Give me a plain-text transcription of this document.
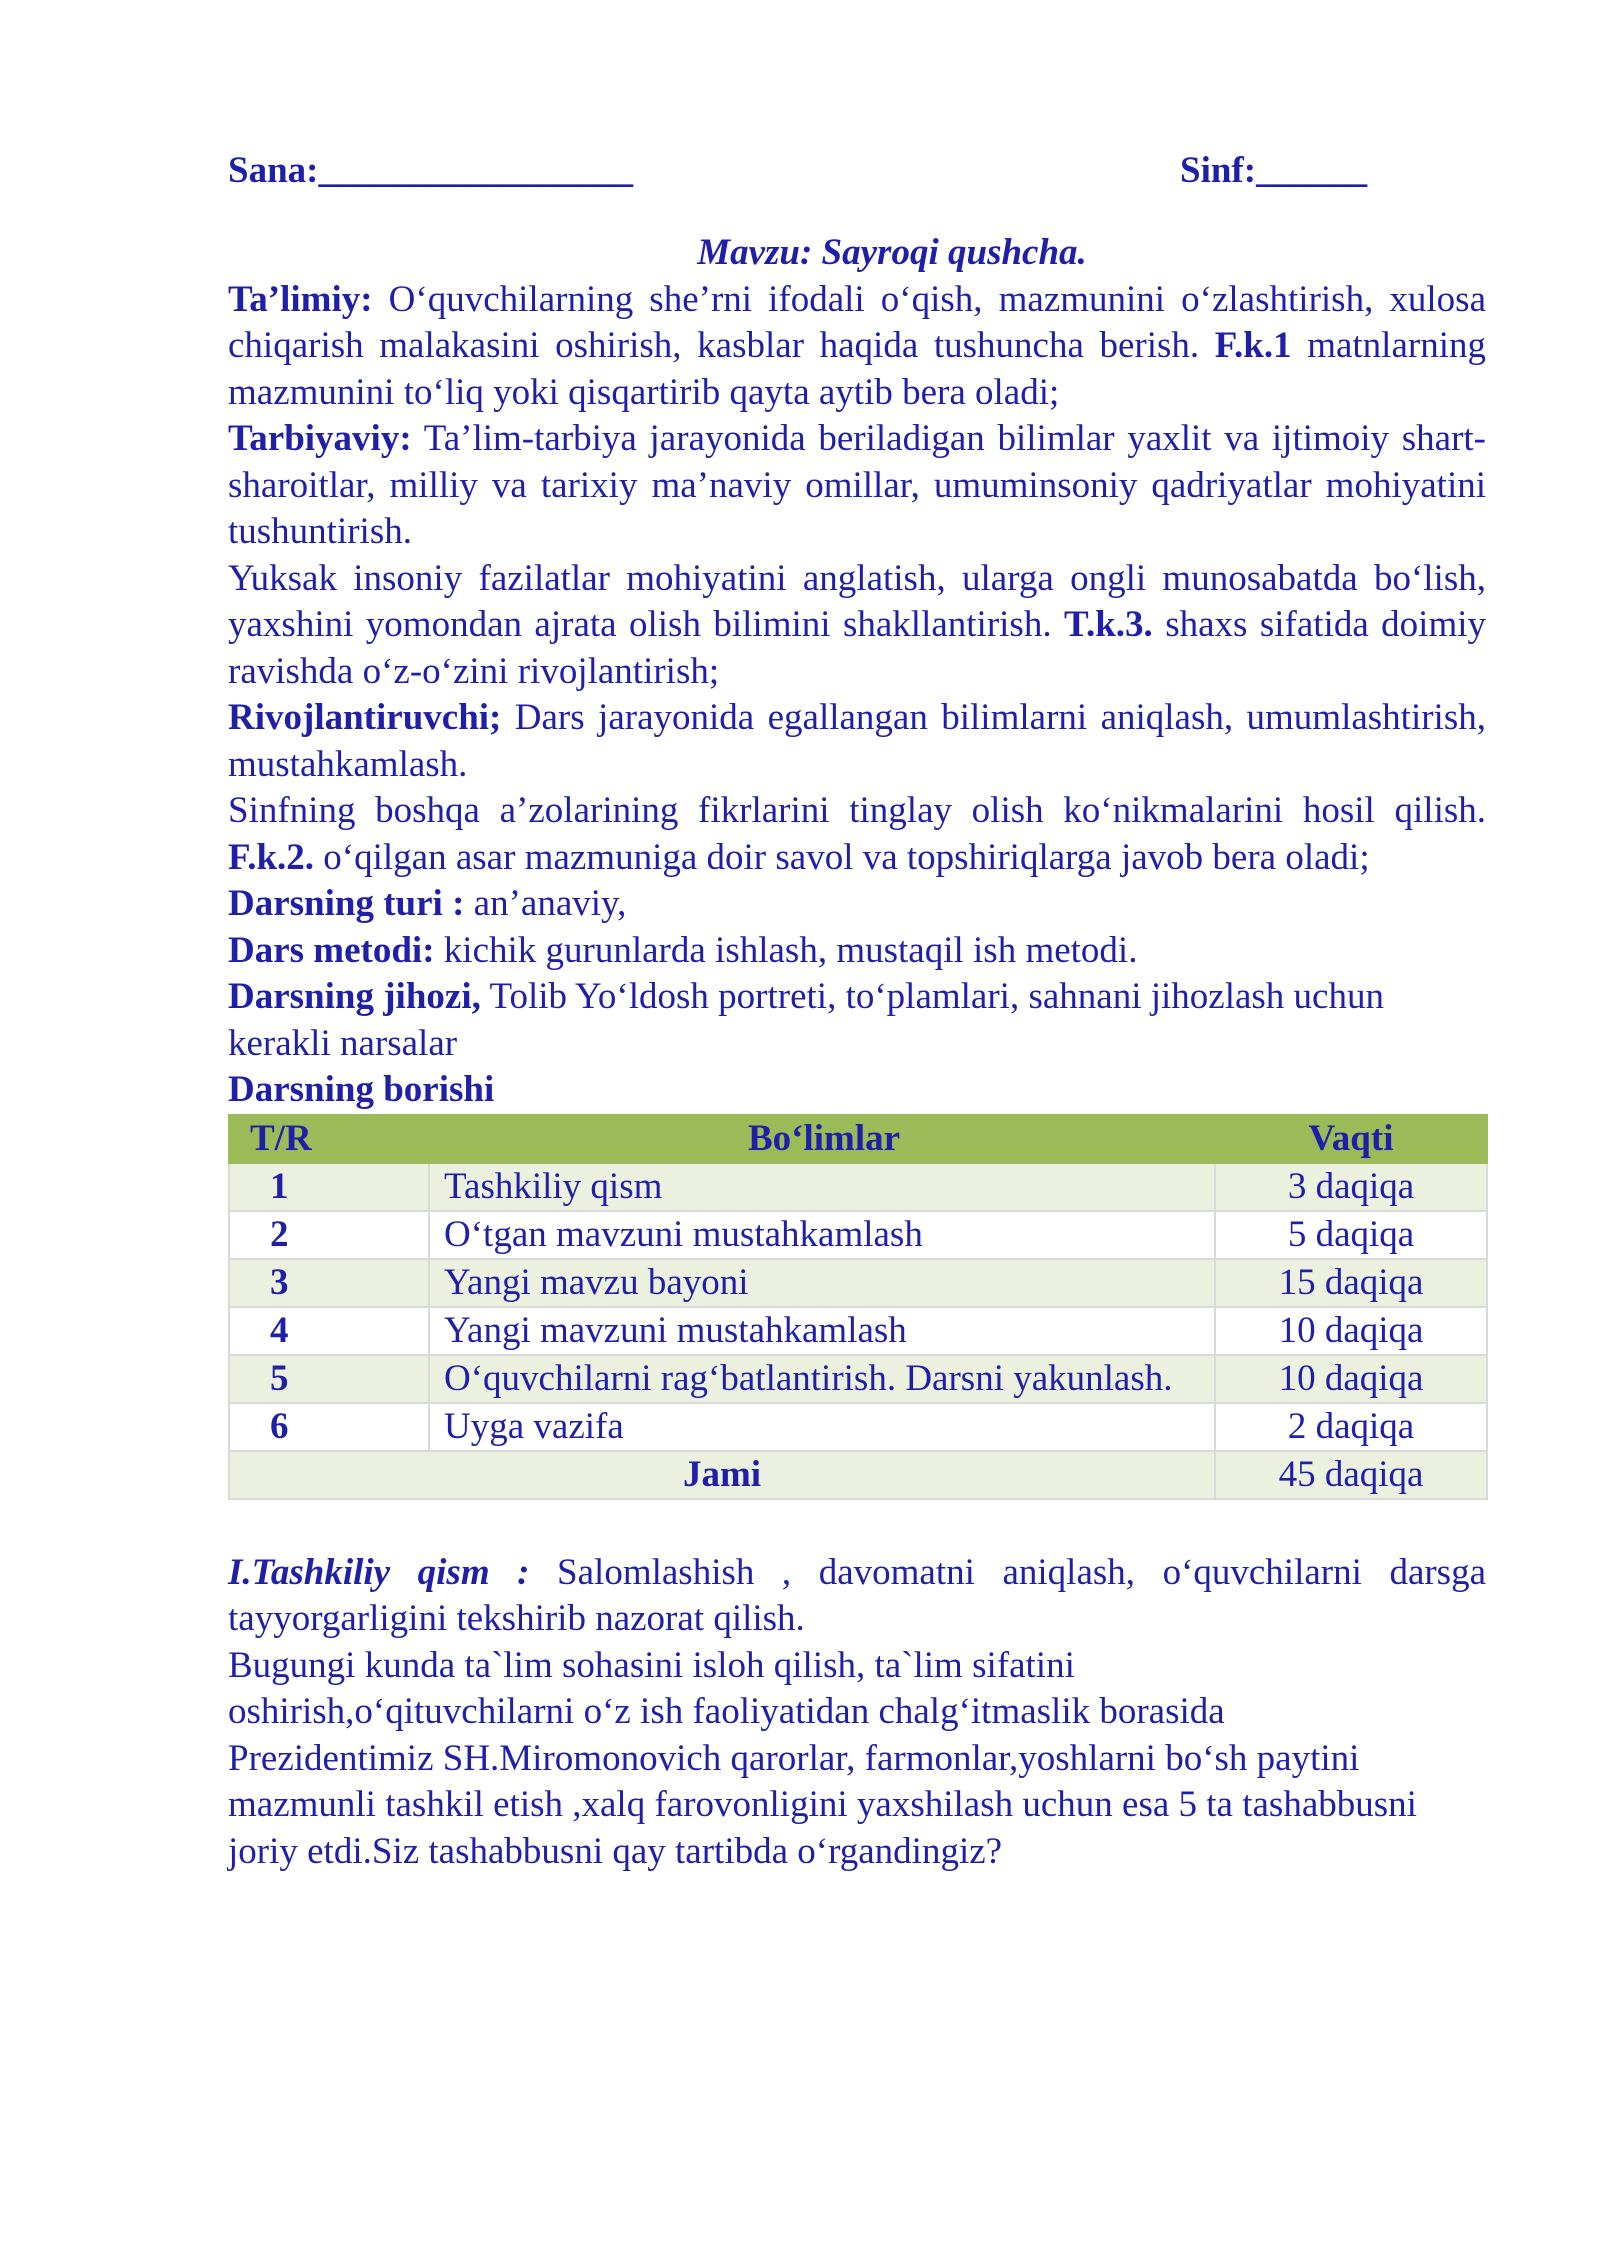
Sana:_________________	Sinf:______

Mavzu: Sayroqi qushcha.

Ta’limiy: O‘quvchilarning she’rni ifodali o‘qish, mazmunini o‘zlashtirish, xulosa chiqarish malakasini oshirish, kasblar haqida tushuncha berish. F.k.1 matnlarning mazmunini to‘liq yoki qisqartirib qayta aytib bera oladi;

Tarbiyaviy: Ta’lim-tarbiya jarayonida beriladigan bilimlar yaxlit va ijtimoiy shart-sharoitlar, milliy va tarixiy ma’naviy omillar, umuminsoniy qadriyatlar mohiyatini tushuntirish.

Yuksak insoniy fazilatlar mohiyatini anglatish, ularga ongli munosabatda bo‘lish, yaxshini yomondan ajrata olish bilimini shakllantirish. T.k.3. shaxs sifatida doimiy ravishda o‘z-o‘zini rivojlantirish;

Rivojlantiruvchi; Dars jarayonida egallangan bilimlarni aniqlash, umumlashtirish, mustahkamlash.

Sinfning boshqa a’zolarining fikrlarini tinglay olish ko‘nikmalarini hosil qilish. F.k.2. o‘qilgan asar mazmuniga doir savol va topshiriqlarga javob bera oladi;

Darsning turi : an’anaviy,

Dars metodi: kichik gurunlarda ishlash, mustaqil ish metodi.

Darsning jihozi, Tolib Yo‘ldosh portreti, to‘plamlari, sahnani jihozlash uchun kerakli narsalar

Darsning borishi

T/R	Bo‘limlar	Vaqti
1	Tashkiliy qism	3 daqiqa
2	O‘tgan mavzuni mustahkamlash	5 daqiqa
3	Yangi mavzu bayoni	15 daqiqa
4	Yangi mavzuni mustahkamlash	10 daqiqa
5	O‘quvchilarni rag‘batlantirish. Darsni yakunlash.	10 daqiqa
6	Uyga vazifa	2 daqiqa
Jami		45 daqiqa

I.Tashkiliy qism : Salomlashish , davomatni aniqlash, o‘quvchilarni darsga tayyorgarligini tekshirib nazorat qilish.

Bugungi kunda ta`lim sohasini isloh qilish, ta`lim sifatini oshirish,o‘qituvchilarni o‘z ish faoliyatidan chalg‘itmaslik borasida Prezidentimiz SH.Miromonovich qarorlar, farmonlar,yoshlarni bo‘sh paytini mazmunli tashkil etish ,xalq farovonligini yaxshilash uchun esa 5 ta tashabbusni joriy etdi.Siz tashabbusni qay tartibda o‘rgandingiz?
